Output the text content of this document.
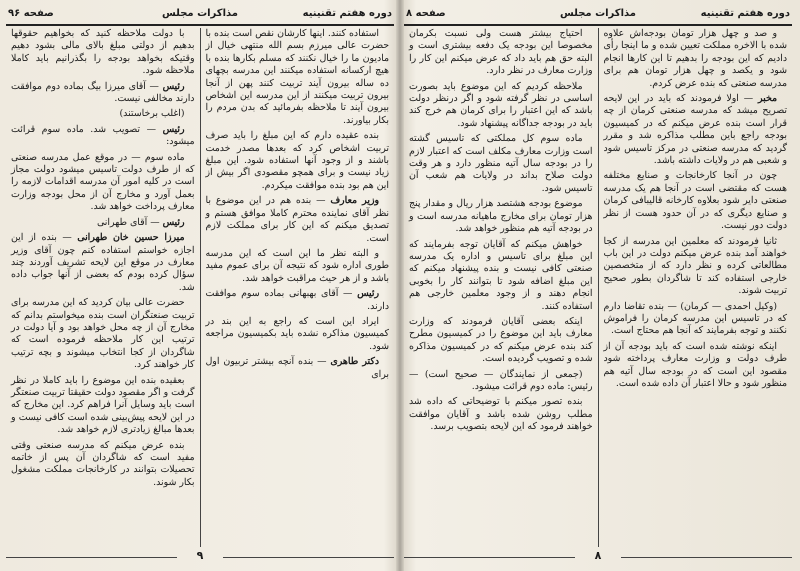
صفحه ۹۶	مذاکرات مجلس	دوره هفتم تقنینیه

استفاده کنند. اینها کارشان نقص است بنده با حضرت عالی میرزم بسم الله منتهی خیال از مادیون ما را خیال نکنند که مسلم بکارها بنده با هیچ ارکسانه استفاده میکنند این مدرسه بچهای ده ساله بیرون آیند تربیت کنند پهن از آنجا بیرون تربیت میکنند از این مدرسه این اشخاص بیرون آیند تا ملاحظه بفرمائید که بدن مردم را بکار بیاورند.

بنده عقیده دارم که این مبلغ را باید صرف تربیت اشخاص کرد که بعدها مصدر خدمت باشند و از وجود آنها استفاده شود. این مبلغ زیاد نیست و برای همچو مقصودی اگر بیش از این هم بود بنده موافقت میکردم.

وزیر معارف — بنده هم در این موضوع با نظر آقای نماینده محترم کاملا موافق هستم و تصدیق میکنم که این کار برای مملکت لازم است.

و البته نظر ما این است که این مدرسه طوری اداره شود که نتیجه آن برای عموم مفید باشد و از هر حیث مراقبت خواهد شد.

رئیس — آقای بهبهانی بماده سوم موافقت دارند.

ایراد این است که راجع به این بند در کمیسیون مذاکره نشده باید بکمیسیون مراجعه شود.

دکتر طاهری — بنده آنچه بیشتر تربیون اول برای

با دولت ملاحظه کنید که بخواهیم حقوقها بدهیم از دولتی مبلغ بالای مالی بشود دهیم وقتیکه بخواهد بودجه را بگذرانیم باید کاملا ملاحظه شود.

رئیس — آقای میرزا بیگ بماده دوم موافقت دارند مخالفی نیست.

(اغلب برخاستند)

رئیس — تصویب شد. ماده سوم قرائت میشود:

ماده سوم — در موقع عمل مدرسه صنعتی که از طرف دولت تاسیس میشود دولت مجاز است در کلیه امور آن مدرسه اقدامات لازمه را بعمل آورد و مخارج آن از محل بودجه وزارت معارف پرداخت خواهد شد.

رئیس — آقای طهرانی

میرزا حسین خان طهرانی — بنده از این اجازه خواستم استفاده کنم چون آقای وزیر معارف در موقع این لایحه تشریف آوردند چند سؤال کرده بودم که بعضی از آنها جواب داده شد.

حضرت عالی بیان کردید که این مدرسه برای تربیت صنعتگران است بنده میخواستم بدانم که مخارج آن از چه محل خواهد بود و آیا دولت در ترتیب این کار ملاحظه فرموده است که شاگردان از کجا انتخاب میشوند و بچه ترتیب کار خواهند کرد.

بعقیده بنده این موضوع را باید کاملا در نظر گرفت و اگر مقصود دولت حقیقتا تربیت صنعتگر است باید وسایل آنرا فراهم کرد. این مخارج که در این لایحه پیش‌بینی شده است کافی نیست و بعدها مبالغ زیادتری لازم خواهد شد.

بنده عرض میکنم که مدرسه صنعتی وقتی مفید است که شاگردان آن پس از خاتمه تحصیلات بتوانند در کارخانجات مملکت مشغول بکار شوند.

۹
دوره هفتم تقنینیه
مذاکرات مجلس
صفحه ۸

و صد و چهل هزار تومان بودجه‌اش علاوه شده با الاخره مملکت تعیین شده و ما اینجا رأی دادیم که این بودجه را بدهیم تا این کارها انجام شود و یکصد و چهل هزار تومان هم برای مدرسه صنعتی که بنده عرض کردم.

مخبر — اولا فرمودند که باید در این لایحه تصریح میشد که مدرسه صنعتی کرمان از چه قرار است بنده عرض میکنم که در کمیسیون بودجه راجع باین مطلب مذاکره شد و مقرر گردید که مدرسه صنعتی در مرکز تاسیس شود و شعبی هم در ولایات داشته باشد.

چون در آنجا کارخانجات و صنایع مختلفه هست که مقتضی است در آنجا هم یک مدرسه صنعتی دایر شود بعلاوه کارخانه قالیبافی کرمان و صنایع دیگری که در آن حدود هست از نظر دولت دور نیست.

ثانیا فرمودند که معلمین این مدرسه از کجا خواهند آمد بنده عرض میکنم دولت در این باب مطالعاتی کرده و نظر دارد که از متخصصین خارجی استفاده کند تا شاگردان بطور صحیح تربیت شوند.

(وکیل احمدی — کرمان) — بنده تقاضا دارم که در تاسیس این مدرسه کرمان را فراموش نکنند و توجه بفرمایند که آنجا هم محتاج است.

اینکه نوشته شده است که باید بودجه آن از طرف دولت و وزارت معارف پرداخته شود مقصود این است که در بودجه سال آتیه هم منظور شود و حالا اعتبار آن داده شده است.

احتیاج بیشتر هست ولی نسبت بکرمان مخصوصا این بودجه یک دفعه بیشتری است و البته حق هم باید داد که عرض میکنم این کار را وزارت معارف در نظر دارد.

ملاحظه کردیم که این موضوع باید بصورت اساسی در نظر گرفته شود و اگر درنظر دولت باشد که این اعتبار را برای کرمان هم خرج کند باید در بودجه جداگانه پیشنهاد شود.

ماده سوم کل مملکتی که تاسیس گشته است وزارت معارف مکلف است که اعتبار لازم را در بودجه سال آتیه منظور دارد و هر وقت دولت صلاح بداند در ولایات هم شعب آن تاسیس شود.

موضوع بودجه هشتصد هزار ریال و مقدار پنج هزار تومان برای مخارج ماهیانه مدرسه است و در بودجه آتیه هم منظور خواهد شد.

خواهش میکنم که آقایان توجه بفرمایند که این مبلغ برای تاسیس و اداره یک مدرسه صنعتی کافی نیست و بنده پیشنهاد میکنم که این مبلغ اضافه شود تا بتوانند کار را بخوبی انجام دهند و از وجود معلمین خارجی هم استفاده کنند.

اینکه بعضی آقایان فرمودند که وزارت معارف باید این موضوع را در کمیسیون مطرح کند بنده عرض میکنم که در کمیسیون مذاکره شده و تصویب گردیده است.

(جمعی از نمایندگان — صحیح است) — رئیس: ماده دوم قرائت میشود.

بنده تصور میکنم با توضیحاتی که داده شد مطلب روشن شده باشد و آقایان موافقت خواهند فرمود که این لایحه بتصویب برسد.

۸
